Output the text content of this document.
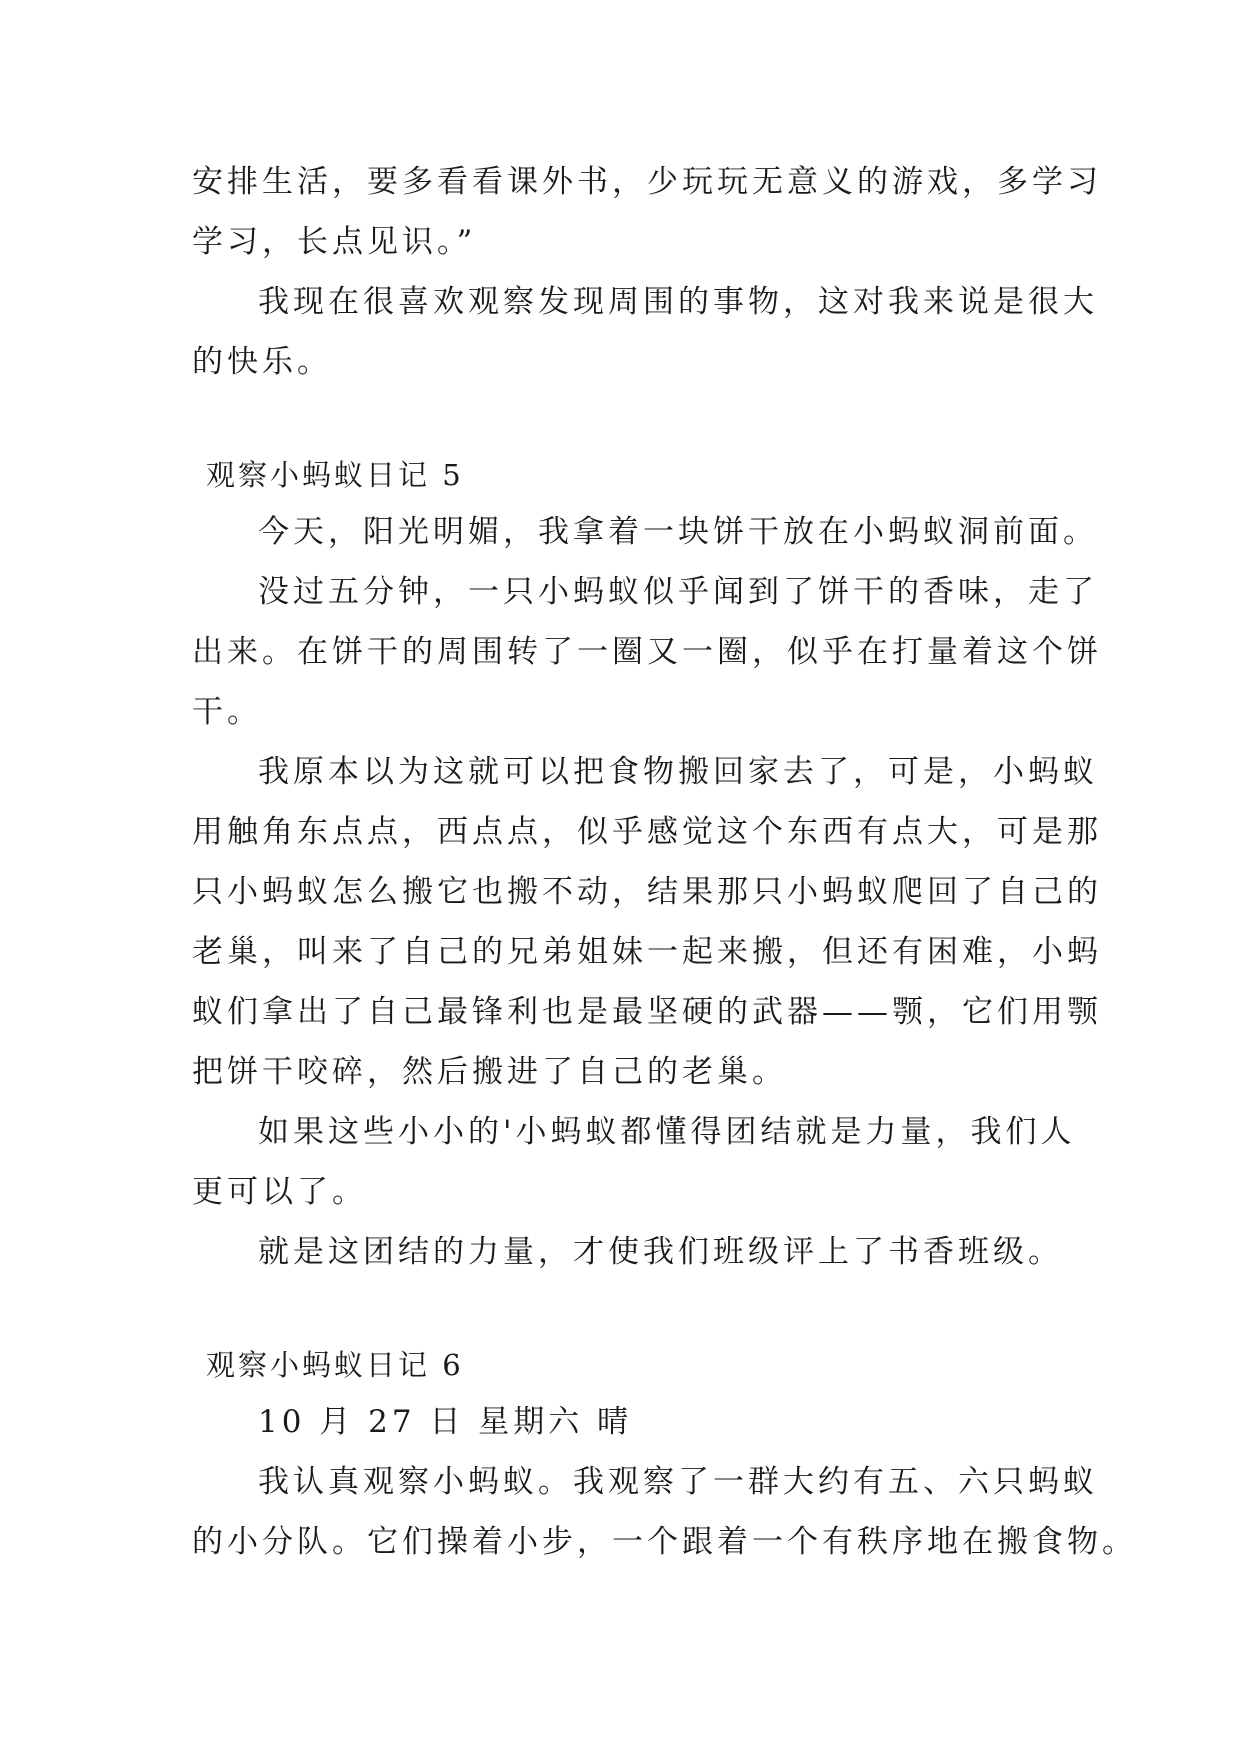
安排生活，要多看看课外书，少玩玩无意义的游戏，多学习
学习，长点见识。”
我现在很喜欢观察发现周围的事物，这对我来说是很大
的快乐。
观察小蚂蚁日记 5
今天，阳光明媚，我拿着一块饼干放在小蚂蚁洞前面。
没过五分钟，一只小蚂蚁似乎闻到了饼干的香味，走了
出来。在饼干的周围转了一圈又一圈，似乎在打量着这个饼
干。
我原本以为这就可以把食物搬回家去了，可是，小蚂蚁
用触角东点点，西点点，似乎感觉这个东西有点大，可是那
只小蚂蚁怎么搬它也搬不动，结果那只小蚂蚁爬回了自己的
老巢，叫来了自己的兄弟姐妹一起来搬，但还有困难，小蚂
蚁们拿出了自己最锋利也是最坚硬的武器——颚，它们用颚
把饼干咬碎，然后搬进了自己的老巢。
如果这些小小的'小蚂蚁都懂得团结就是力量，我们人
更可以了。
就是这团结的力量，才使我们班级评上了书香班级。
观察小蚂蚁日记 6
10 月 27 日 星期六 晴
我认真观察小蚂蚁。我观察了一群大约有五、六只蚂蚁
的小分队。它们操着小步，一个跟着一个有秩序地在搬食物。
